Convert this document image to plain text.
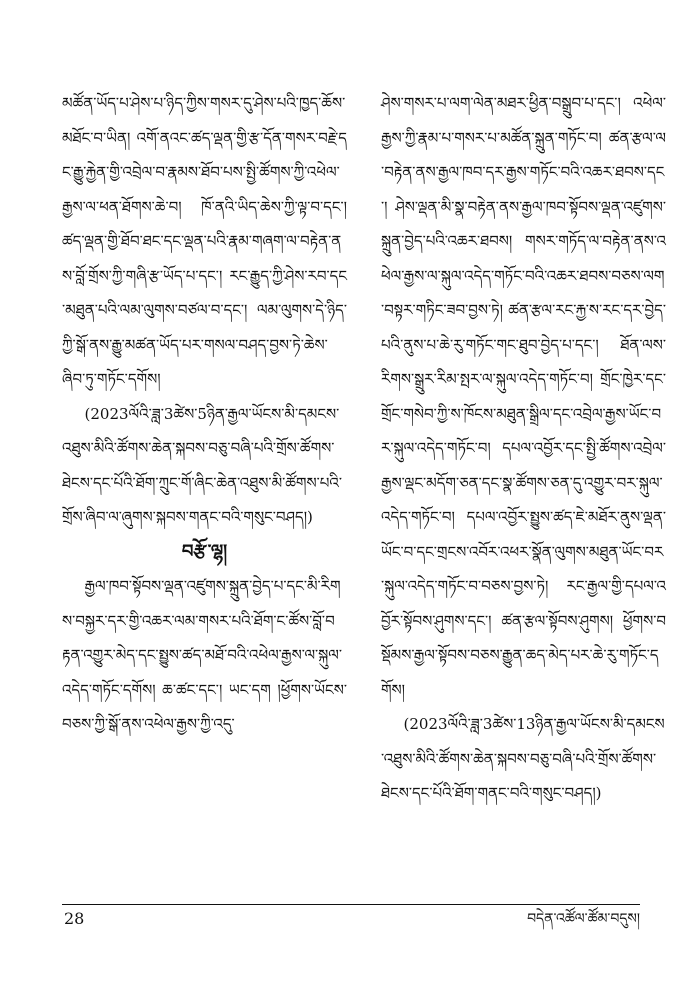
མཚོན་ཡོད་པ་ཤེས་པ་ཉིད་ཀྱིས་གསར་དུ་ཤེས་པའི་ཁྱད་ཆོས་མཐོང་བ་ཡིན། འགོ་ནའང་ཚད་ལྡན་གྱི་རྩ་དོན་གསར་བརྗེ་དང་རྒྱུ་རྐྱེན་གྱི་འབྲེལ་བ་རྣམས་ཐོབ་པས་སྤྱི་ཚོགས་ཀྱི་འཕེལ་རྒྱས་ལ་ཕན་ཐོགས་ཆེ་བ། ཁོ་ནའི་ཡིད་ཆེས་ཀྱི་ལྟ་བ་དང་། ཚད་ལྡན་གྱི་ཐོབ་ཐང་དང་ལྡན་པའི་རྣམ་གཞག་ལ་བརྟེན་ནས་བློ་གྲོས་ཀྱི་གཞི་རྩ་ཡོད་པ་དང་། རང་རྒྱུད་ཀྱི་ཤེས་རབ་དང་མཐུན་པའི་ལམ་ལུགས་བཙལ་བ་དང་། ལམ་ལུགས་དེ་ཉིད་ཀྱི་སྒོ་ནས་རྒྱུ་མཚན་ཡོད་པར་གསལ་བཤད་བྱས་ཏེ་ཆེས་ཞིབ་ཏུ་གཏོང་དགོས།

(2023ལོའི་ཟླ་3ཚེས་5ཉིན་རྒྱལ་ཡོངས་མི་དམངས་འཐུས་མིའི་ཚོགས་ཆེན་སྐབས་བཅུ་བཞི་པའི་གྲོས་ཚོགས་ཐེངས་དང་པོའི་ཐོག་ཀྲུང་གོ་ཞིང་ཆེན་འཐུས་མི་ཚོགས་པའི་གྲོས་ཞིབ་ལ་ཞུགས་སྐབས་གནང་བའི་གསུང་བཤད།)

བརྩོ་ལྷ།

རྒྱལ་ཁབ་སྟོབས་ལྡན་འཛུགས་སྐྲུན་བྱེད་པ་དང་མི་རིགས་བསྐྱར་དར་གྱི་འཆར་ལམ་གསར་པའི་ཐོག་ང་ཚོས་བློ་བརྟན་འགྱུར་མེད་དང་སྤྱུས་ཚད་མཐོ་བའི་འཕེལ་རྒྱས་ལ་སྐུལ་འདེད་གཏོང་དགོས། ཆ་ཚང་དང་། ཡང་དག །ཕྱོགས་ཡོངས་བཅས་ཀྱི་སྒོ་ནས་འཕེལ་རྒྱས་ཀྱི་འདུ་

ཤེས་གསར་པ་ལག་ལེན་མཐར་ཕྱིན་བསྒྲུབ་པ་དང་། འཕེལ་རྒྱས་ཀྱི་རྣམ་པ་གསར་པ་མཚོན་སྐྲུན་གཏོང་བ། ཚན་རྩལ་ལ་བརྟེན་ནས་རྒྱལ་ཁབ་དར་རྒྱས་གཏོང་བའི་འཆར་ཐབས་དང་། ཤེས་ལྡན་མི་སྣ་བརྟེན་ནས་རྒྱལ་ཁབ་སྟོབས་ལྡན་འཛུགས་སྐྲུན་བྱེད་པའི་འཆར་ཐབས། གསར་གཏོད་ལ་བརྟེན་ནས་འཕེལ་རྒྱས་ལ་སྐུལ་འདེད་གཏོང་བའི་འཆར་ཐབས་བཅས་ལག་བསྟར་གཏིང་ཟབ་བྱས་ཏེ། ཚན་རྩལ་རང་རྐྱ་ས་རང་དར་བྱེད་པའི་ནུས་པ་ཆེ་རུ་གཏོང་གང་ཐུབ་བྱེད་པ་དང་། ཐོན་ལས་རིགས་སྒྲུར་རིམ་སྤར་ལ་སྐུལ་འདེད་གཏོང་བ། གྲོང་ཁྱེར་དང་གྲོང་གསེབ་ཀྱི་ས་ཁོངས་མཐུན་སྒྲིལ་དང་འབྲེལ་རྒྱས་ཡོང་བར་སྐུལ་འདེད་གཏོང་བ། དཔལ་འབྱོར་དང་སྤྱི་ཚོགས་འབྲེལ་རྒྱས་ལྡང་མདོག་ཅན་དང་སྣ་ཚོགས་ཅན་དུ་འགྱུར་བར་སྐུལ་འདེད་གཏོང་བ། དཔལ་འབྱོར་སྤྱུས་ཚད་ཇེ་མཐོར་ནུས་ལྡན་ཡོང་བ་དང་གྲངས་འབོར་འཕར་སྣོན་ལུགས་མཐུན་ཡོང་བར་སྐུལ་འདེད་གཏོང་བ་བཅས་བྱས་ཏེ། རང་རྒྱལ་གྱི་དཔལ་འབྱོར་སྟོབས་ཤུགས་དང་། ཚན་རྩལ་སྟོབས་ཤུགས། ཕྱོགས་བསྡོམས་རྒྱལ་སྟོབས་བཅས་རྒྱུན་ཆད་མེད་པར་ཆེ་རུ་གཏོང་དགོས།

(2023ལོའི་ཟླ་3ཚེས་13ཉིན་རྒྱལ་ཡོངས་མི་དམངས་འཐུས་མིའི་ཚོགས་ཆེན་སྐབས་བཅུ་བཞི་པའི་གྲོས་ཚོགས་ཐེངས་དང་པོའི་ཐོག་གནང་བའི་གསུང་བཤད།)

28	བདེན་འཚོལ་ཚོམ་བདུས།
